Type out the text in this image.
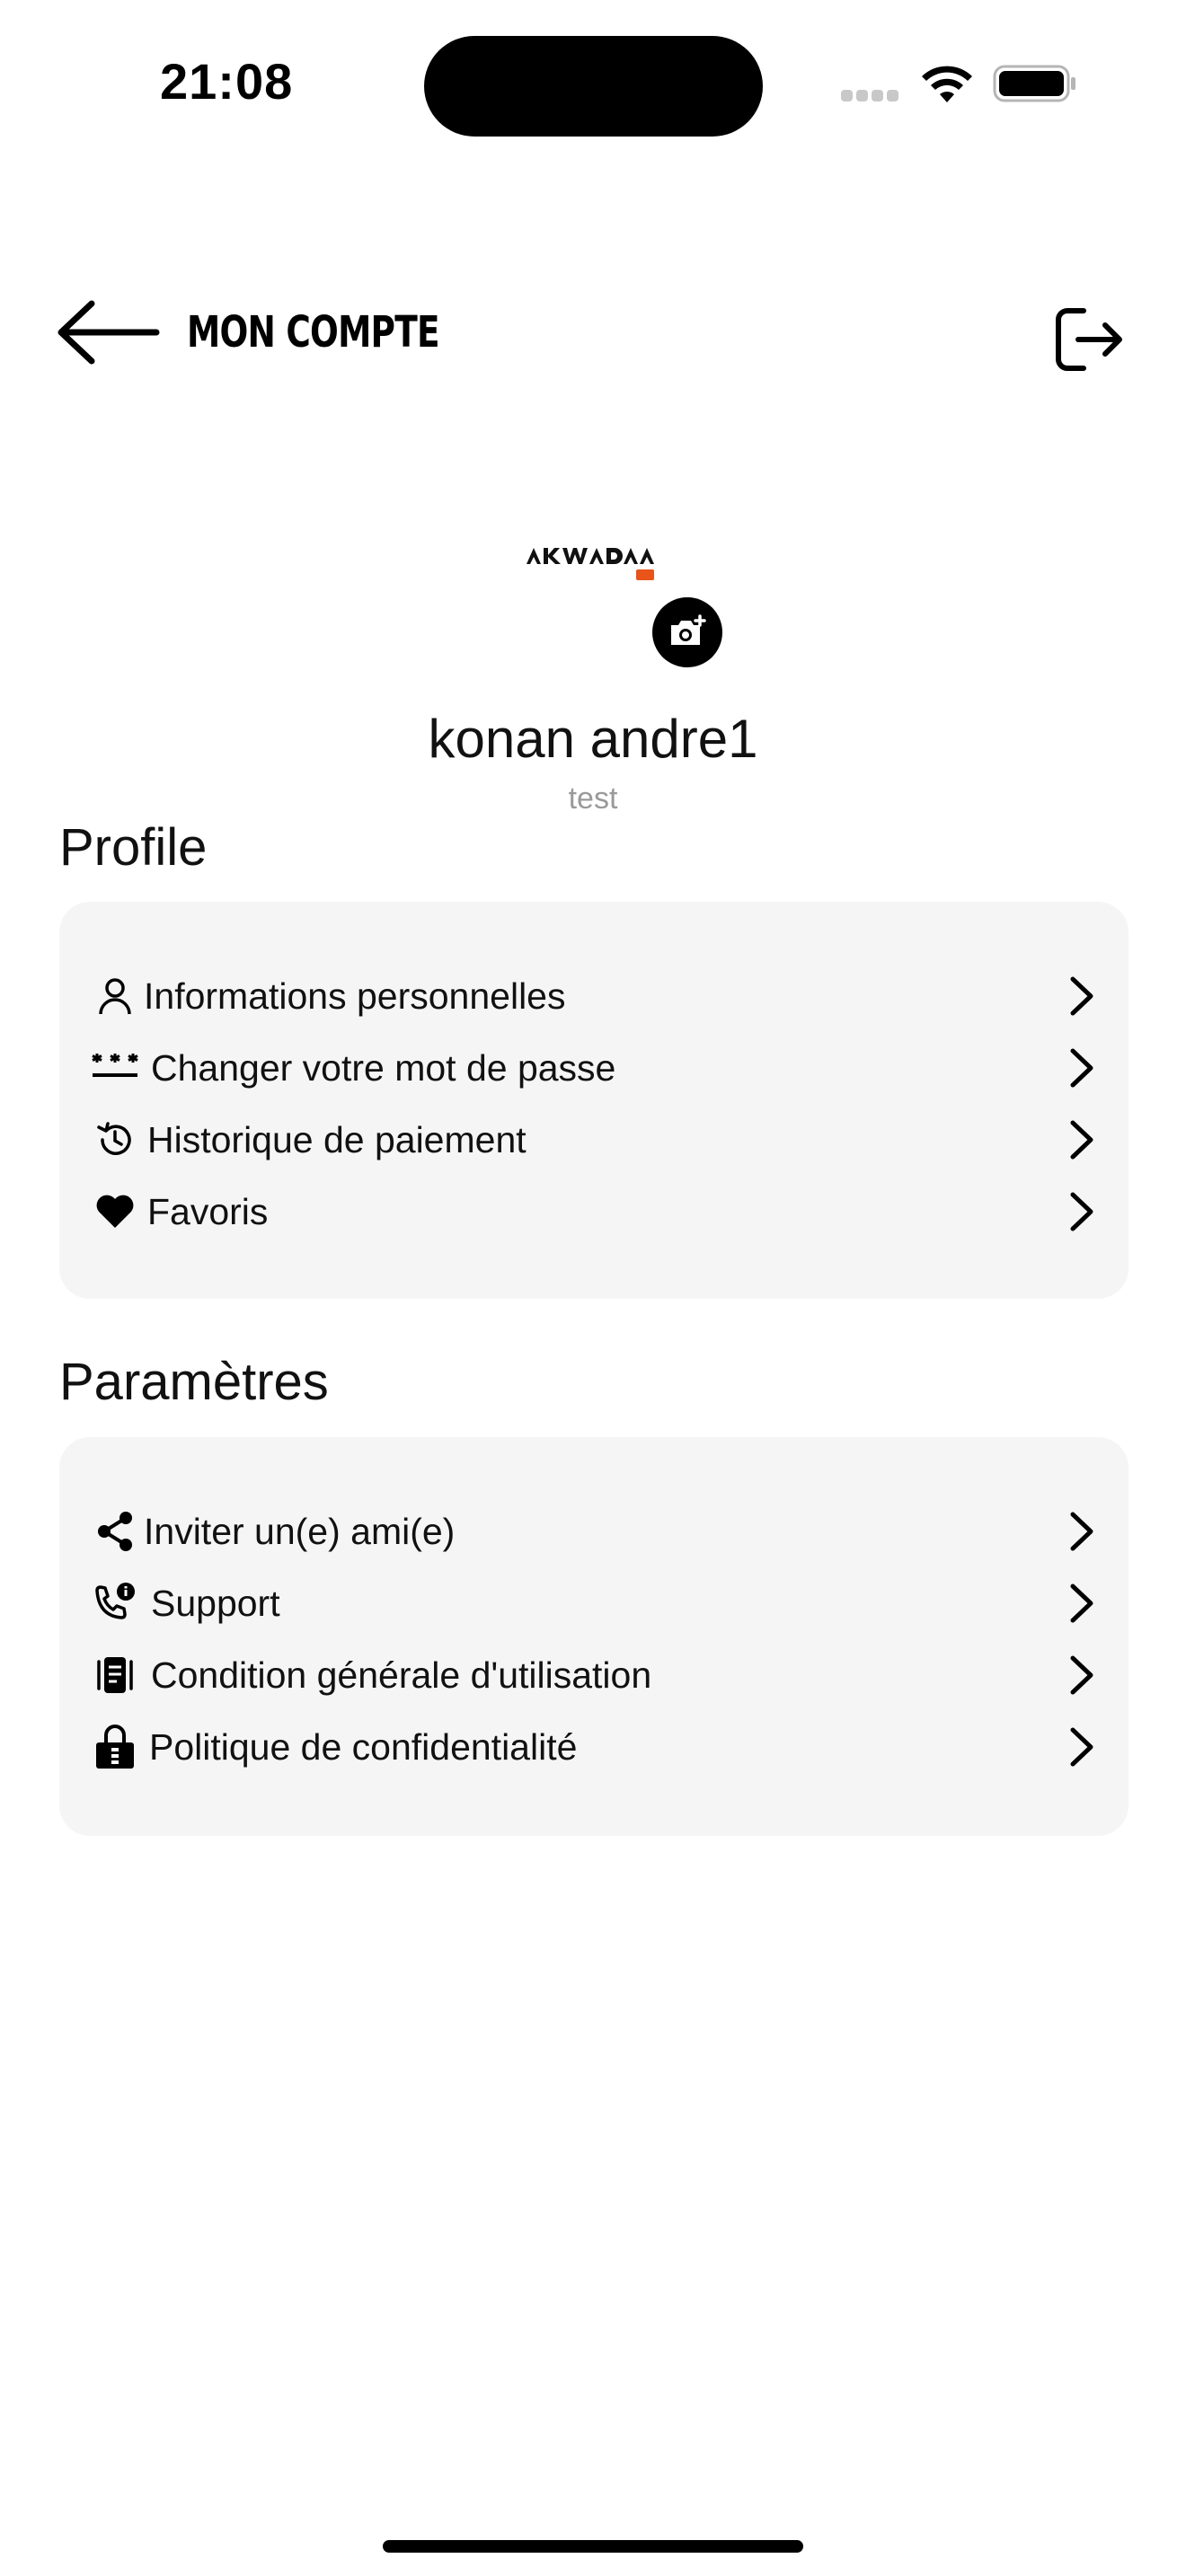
21:08
MON COMPTE
konan andre1
test
Profile
Informations personnelles
Changer votre mot de passe
Historique de paiement
Favoris
Paramètres
Inviter un(e) ami(e)
Support
Condition générale d'utilisation
Politique de confidentialité
